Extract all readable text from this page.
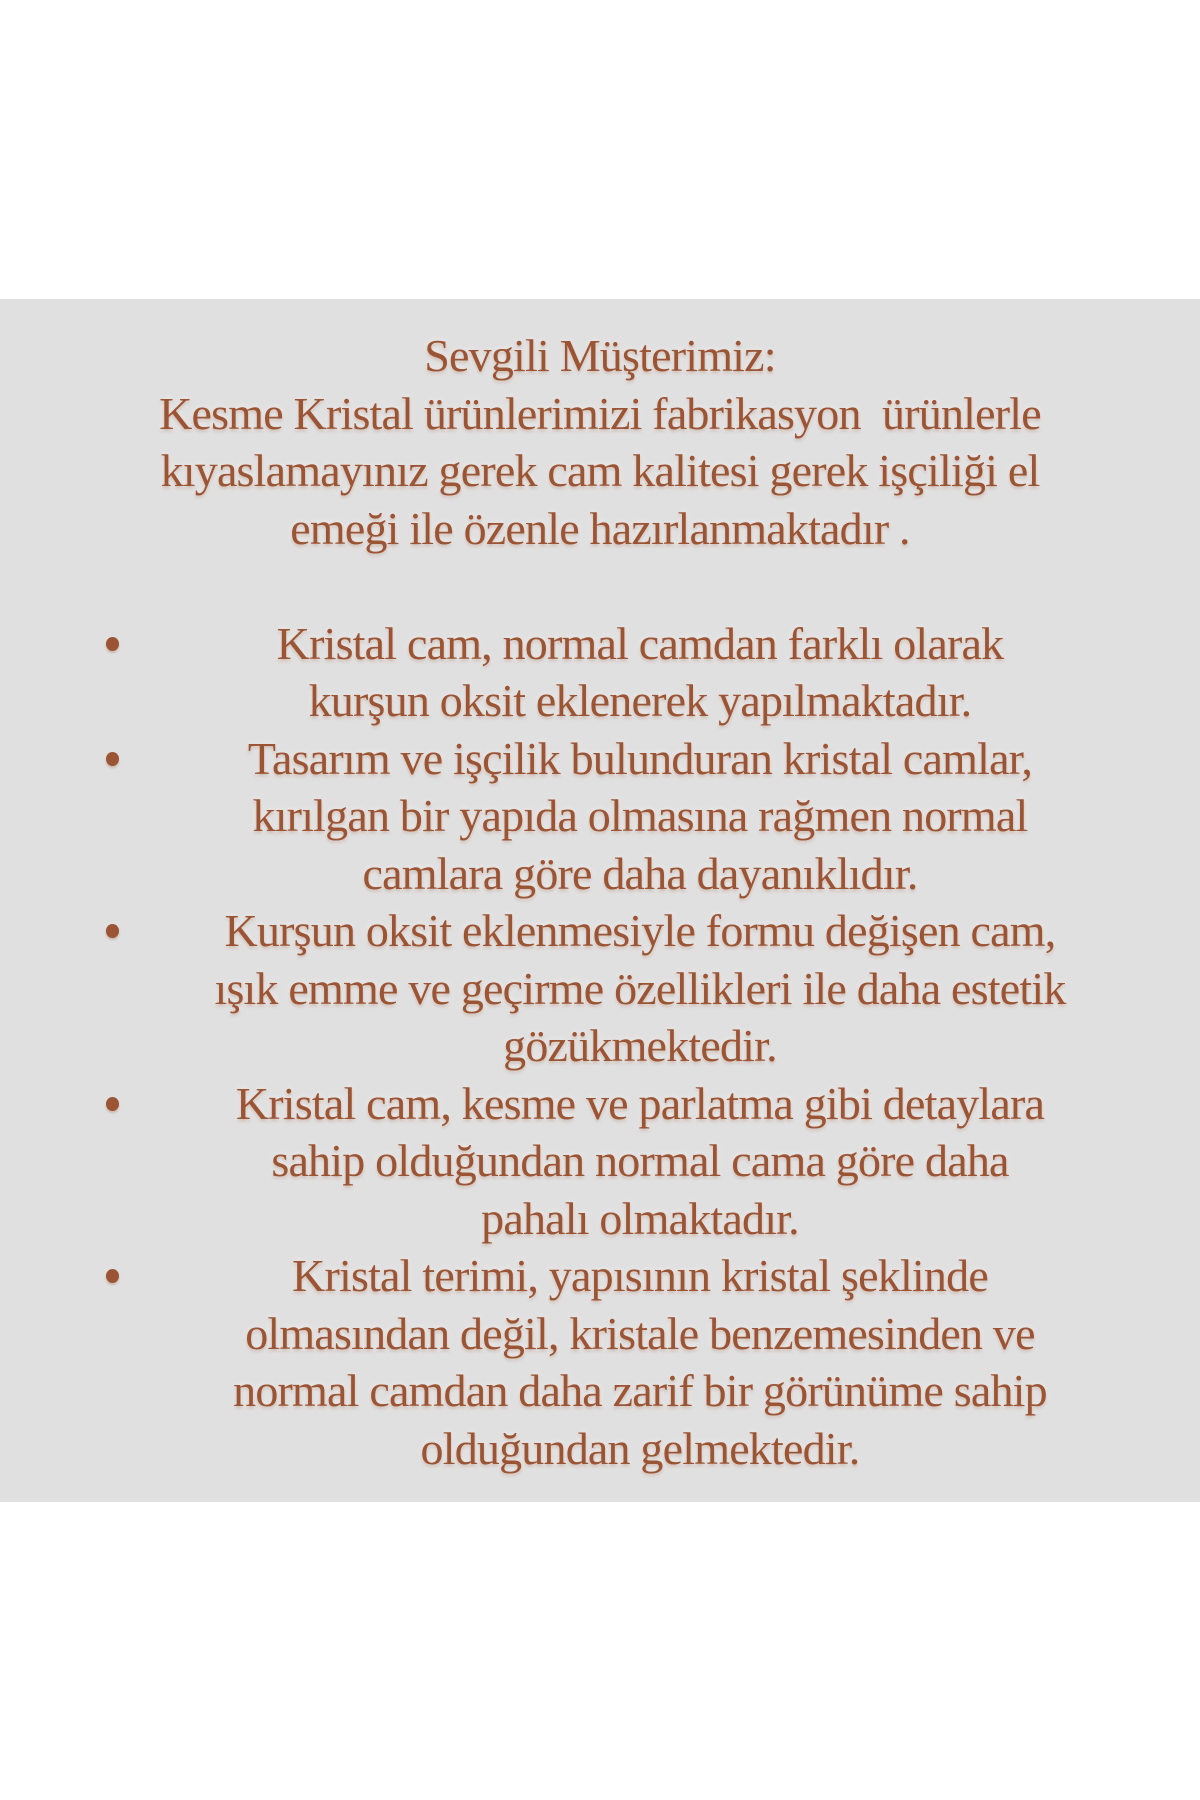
Sevgili Müşterimiz:
Kesme Kristal ürünlerimizi fabrikasyon  ürünlerle
kıyaslamayınız gerek cam kalitesi gerek işçiliği el
emeği ile özenle hazırlanmaktadır .
Kristal cam, normal camdan farklı olarak
kurşun oksit eklenerek yapılmaktadır.
Tasarım ve işçilik bulunduran kristal camlar,
kırılgan bir yapıda olmasına rağmen normal
camlara göre daha dayanıklıdır.
Kurşun oksit eklenmesiyle formu değişen cam,
ışık emme ve geçirme özellikleri ile daha estetik
gözükmektedir.
Kristal cam, kesme ve parlatma gibi detaylara
sahip olduğundan normal cama göre daha
pahalı olmaktadır.
Kristal terimi, yapısının kristal şeklinde
olmasından değil, kristale benzemesinden ve
normal camdan daha zarif bir görünüme sahip
olduğundan gelmektedir.
